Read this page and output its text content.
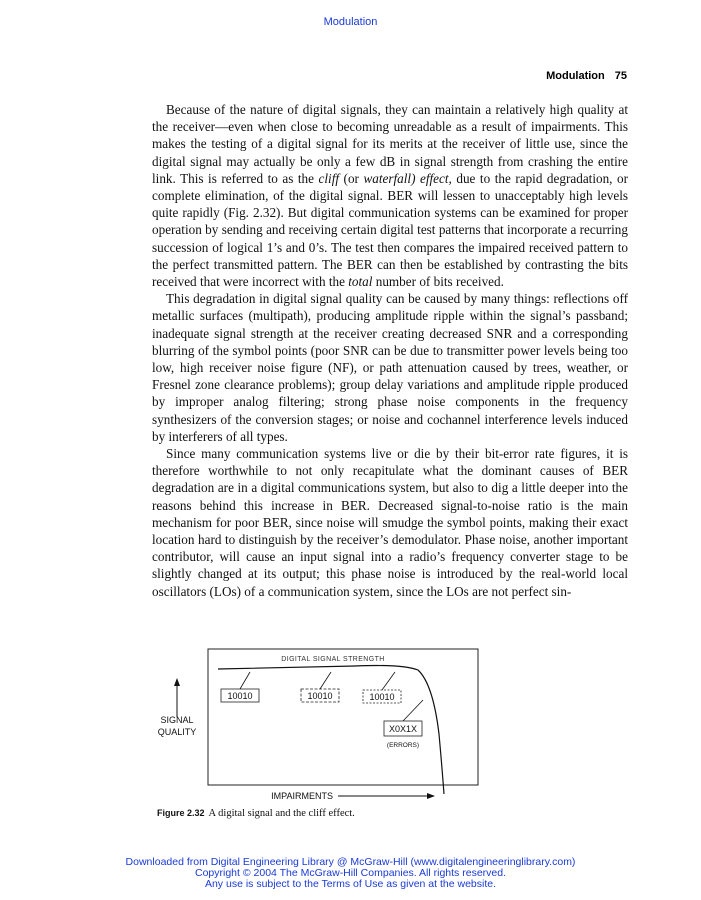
Modulation
Modulation 75

Because of the nature of digital signals, they can maintain a relatively high quality at the receiver—even when close to becoming unreadable as a result of impairments. This makes the testing of a digital signal for its merits at the receiver of little use, since the digital signal may actually be only a few dB in signal strength from crashing the entire link. This is referred to as the cliff (or waterfall) effect, due to the rapid degradation, or complete elimination, of the digital signal. BER will lessen to unacceptably high levels quite rapidly (Fig. 2.32). But digital communication systems can be examined for proper operation by sending and receiving certain digital test patterns that incorporate a recurring succession of logical 1’s and 0’s. The test then compares the impaired received pattern to the perfect transmitted pattern. The BER can then be established by contrasting the bits received that were incorrect with the total number of bits received.

This degradation in digital signal quality can be caused by many things: reflections off metallic surfaces (multipath), producing amplitude ripple within the signal’s passband; inadequate signal strength at the receiver creating decreased SNR and a corresponding blurring of the symbol points (poor SNR can be due to transmitter power levels being too low, high receiver noise figure (NF), or path attenuation caused by trees, weather, or Fresnel zone clearance problems); group delay variations and amplitude ripple produced by improper analog filtering; strong phase noise components in the frequency synthesizers of the conversion stages; or noise and cochannel interference levels induced by interferers of all types.

Since many communication systems live or die by their bit-error rate figures, it is therefore worthwhile to not only recapitulate what the dominant causes of BER degradation are in a digital communications system, but also to dig a little deeper into the reasons behind this increase in BER. Decreased signal-to-noise ratio is the main mechanism for poor BER, since noise will smudge the symbol points, making their exact location hard to distinguish by the receiver’s demodulator. Phase noise, another important contributor, will cause an input signal into a radio’s frequency converter stage to be slightly changed at its output; this phase noise is introduced by the real-world local oscillators (LOs) of a communication system, since the LOs are not perfect sin-

DIGITAL SIGNAL STRENGTH
SIGNAL
QUALITY
10010	10010	10010
X0X1X
(ERRORS)
IMPAIRMENTS
Figure 2.32 A digital signal and the cliff effect.
Downloaded from Digital Engineering Library @ McGraw-Hill (www.digitalengineeringlibrary.com)
Copyright © 2004 The McGraw-Hill Companies. All rights reserved.
Any use is subject to the Terms of Use as given at the website.
